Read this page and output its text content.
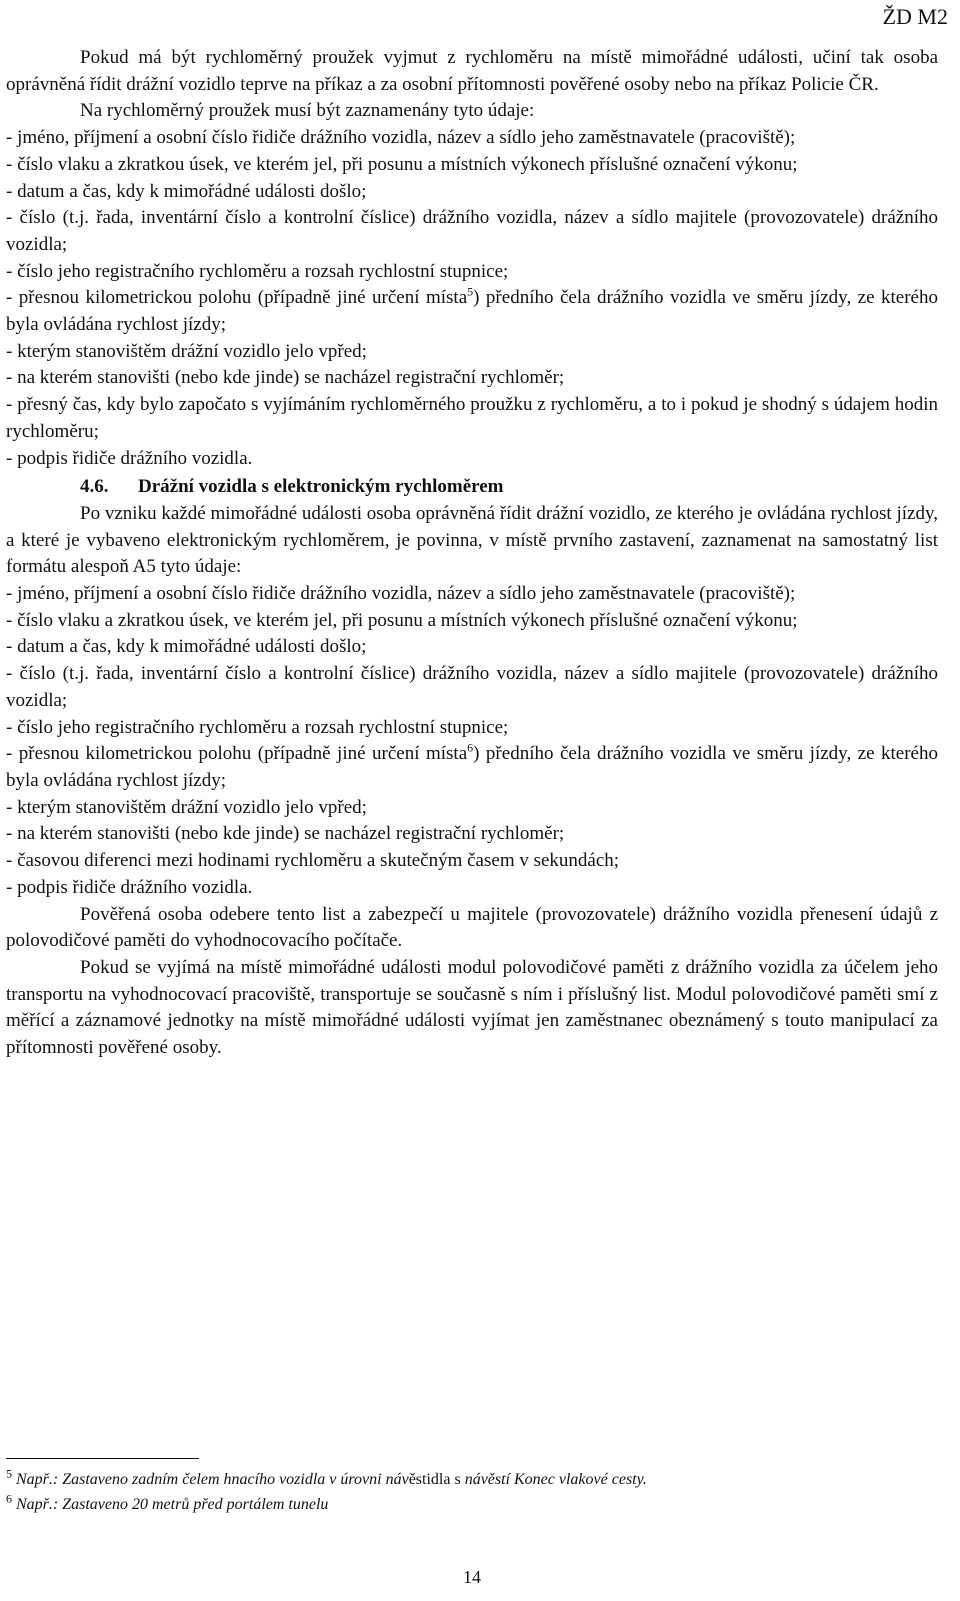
ŽD M2

Pokud má být rychloměrný proužek vyjmut z rychloměru na místě mimořádné události, učiní tak osoba oprávněná řídit drážní vozidlo teprve na příkaz a za osobní přítomnosti pověřené osoby nebo na příkaz Policie ČR.

Na rychloměrný proužek musí být zaznamenány tyto údaje:

- jméno, příjmení a osobní číslo řidiče drážního vozidla, název a sídlo jeho zaměstnavatele (pracoviště);

- číslo vlaku a zkratkou úsek, ve kterém jel, při posunu a místních výkonech příslušné označení výkonu;

- datum a čas, kdy k mimořádné události došlo;

- číslo (t.j. řada, inventární číslo a kontrolní číslice) drážního vozidla, název a sídlo majitele (provozovatele) drážního vozidla;

- číslo jeho registračního rychloměru a rozsah rychlostní stupnice;

- přesnou kilometrickou polohu (případně jiné určení místa$^5$) předního čela drážního vozidla ve směru jízdy, ze kterého byla ovládána rychlost jízdy;

- kterým stanovištěm drážní vozidlo jelo vpřed;

- na kterém stanovišti (nebo kde jinde) se nacházel registrační rychloměr;

- přesný čas, kdy bylo započato s vyjímáním rychloměrného proužku z rychloměru, a to i pokud je shodný s údajem hodin rychloměru;

- podpis řidiče drážního vozidla.

4.6. Drážní vozidla s elektronickým rychloměrem

Po vzniku každé mimořádné události osoba oprávněná řídit drážní vozidlo, ze kterého je ovládána rychlost jízdy, a které je vybaveno elektronickým rychloměrem, je povinna, v místě prvního zastavení, zaznamenat na samostatný list formátu alespoň A5 tyto údaje:

- jméno, příjmení a osobní číslo řidiče drážního vozidla, název a sídlo jeho zaměstnavatele (pracoviště);

- číslo vlaku a zkratkou úsek, ve kterém jel, při posunu a místních výkonech příslušné označení výkonu;

- datum a čas, kdy k mimořádné události došlo;

- číslo (t.j. řada, inventární číslo a kontrolní číslice) drážního vozidla, název a sídlo majitele (provozovatele) drážního vozidla;

- číslo jeho registračního rychloměru a rozsah rychlostní stupnice;

- přesnou kilometrickou polohu (případně jiné určení místa$^6$) předního čela drážního vozidla ve směru jízdy, ze kterého byla ovládána rychlost jízdy;

- kterým stanovištěm drážní vozidlo jelo vpřed;

- na kterém stanovišti (nebo kde jinde) se nacházel registrační rychloměr;

- časovou diferenci mezi hodinami rychloměru a skutečným časem v sekundách;

- podpis řidiče drážního vozidla.

Pověřená osoba odebere tento list a zabezpečí u majitele (provozovatele) drážního vozidla přenesení údajů z polovodičové paměti do vyhodnocovacího počítače.

Pokud se vyjímá na místě mimořádné události modul polovodičové paměti z drážního vozidla za účelem jeho transportu na vyhodnocovací pracoviště, transportuje se současně s ním i příslušný list. Modul polovodičové paměti smí z měřící a záznamové jednotky na místě mimořádné události vyjímat jen zaměstnanec obeznámený s touto manipulací za přítomnosti pověřené osoby.

$^5$ Např.: Zastaveno zadním čelem hnacího vozidla v úrovni návěstidla s návěstí Konec vlakové cesty.
$^6$ Např.: Zastaveno 20 metrů před portálem tunelu
14
